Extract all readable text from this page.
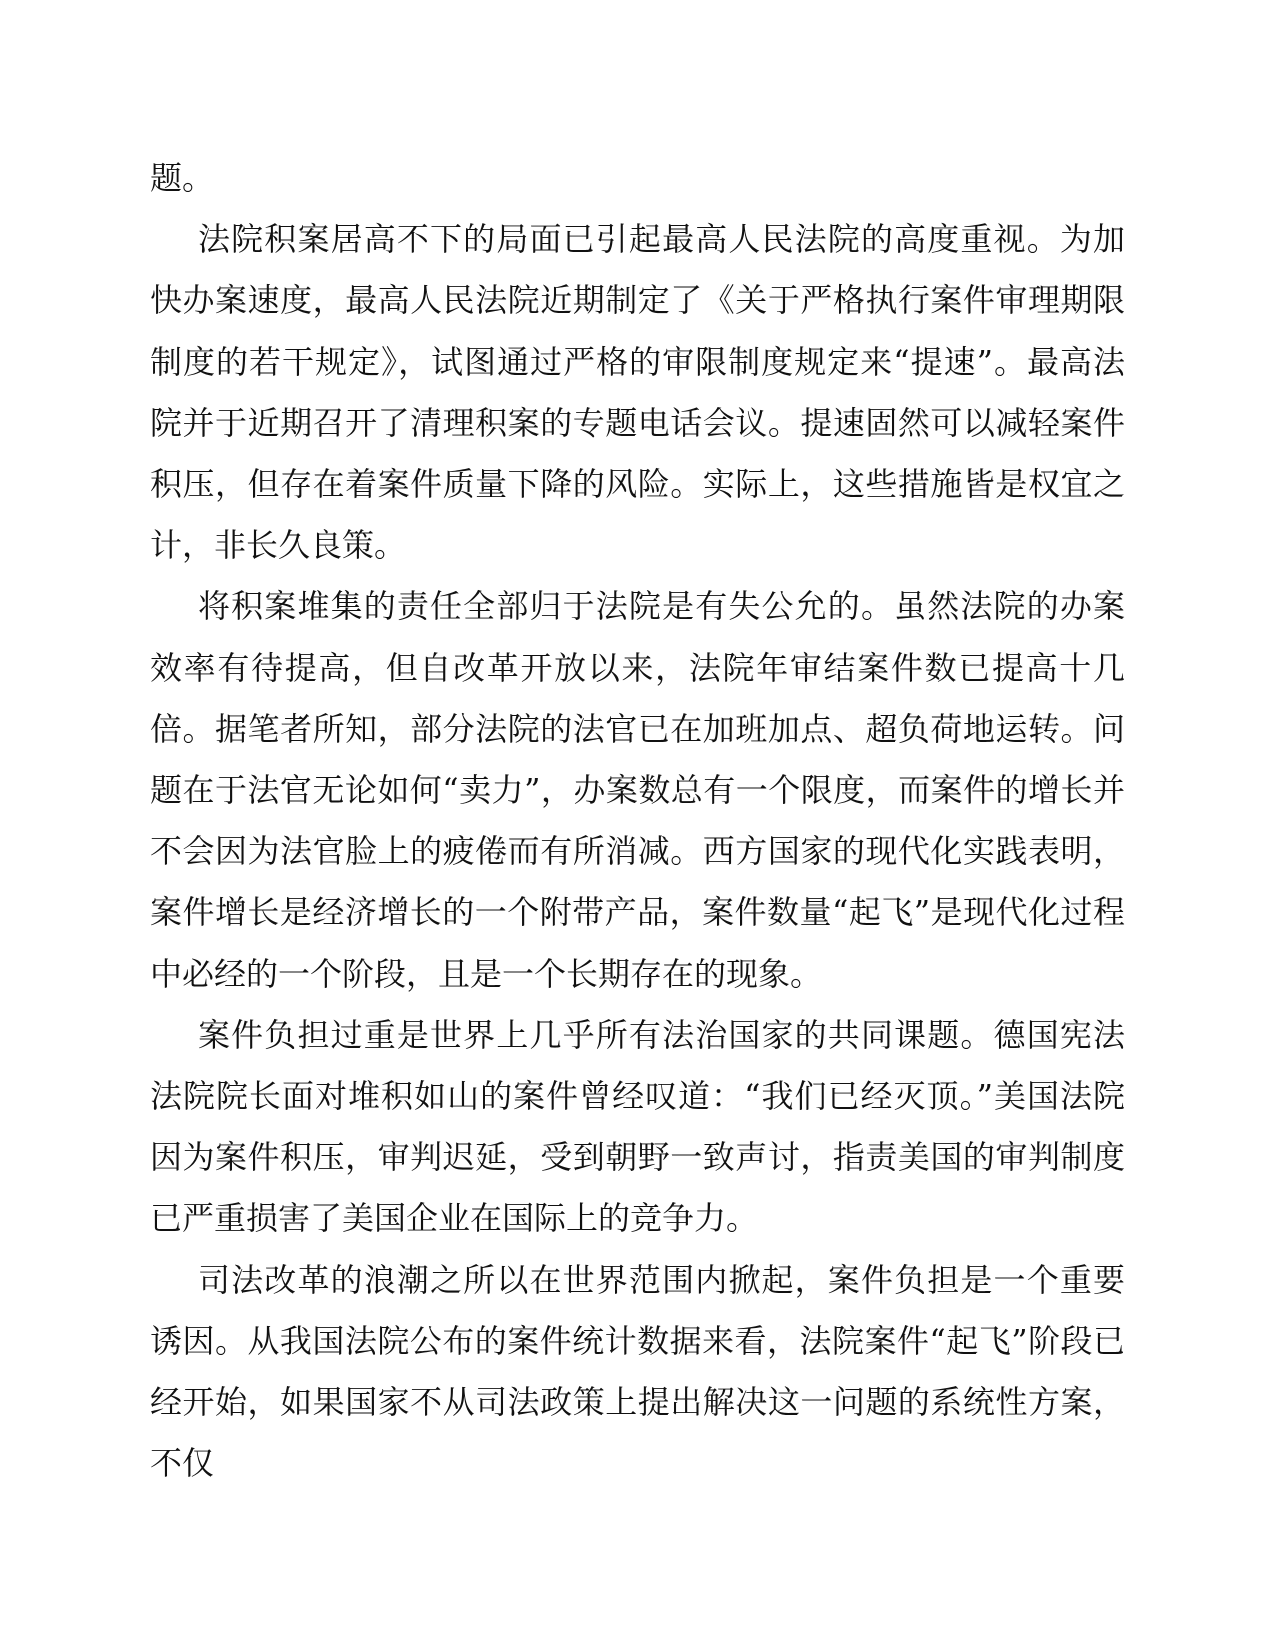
题。

法院积案居高不下的局面已引起最高人民法院的高度重视。为加快办案速度，最高人民法院近期制定了《关于严格执行案件审理期限制度的若干规定》，试图通过严格的审限制度规定来“提速”。最高法院并于近期召开了清理积案的专题电话会议。提速固然可以减轻案件积压，但存在着案件质量下降的风险。实际上，这些措施皆是权宜之计，非长久良策。

将积案堆集的责任全部归于法院是有失公允的。虽然法院的办案效率有待提高，但自改革开放以来，法院年审结案件数已提高十几倍。据笔者所知，部分法院的法官已在加班加点、超负荷地运转。问题在于法官无论如何“卖力”，办案数总有一个限度，而案件的增长并不会因为法官脸上的疲倦而有所消减。西方国家的现代化实践表明，案件增长是经济增长的一个附带产品，案件数量“起飞”是现代化过程中必经的一个阶段，且是一个长期存在的现象。

案件负担过重是世界上几乎所有法治国家的共同课题。德国宪法法院院长面对堆积如山的案件曾经叹道：“我们已经灭顶。”美国法院因为案件积压，审判迟延，受到朝野一致声讨，指责美国的审判制度已严重损害了美国企业在国际上的竞争力。

司法改革的浪潮之所以在世界范围内掀起，案件负担是一个重要诱因。从我国法院公布的案件统计数据来看，法院案件“起飞”阶段已经开始，如果国家不从司法政策上提出解决这一问题的系统性方案，不仅
